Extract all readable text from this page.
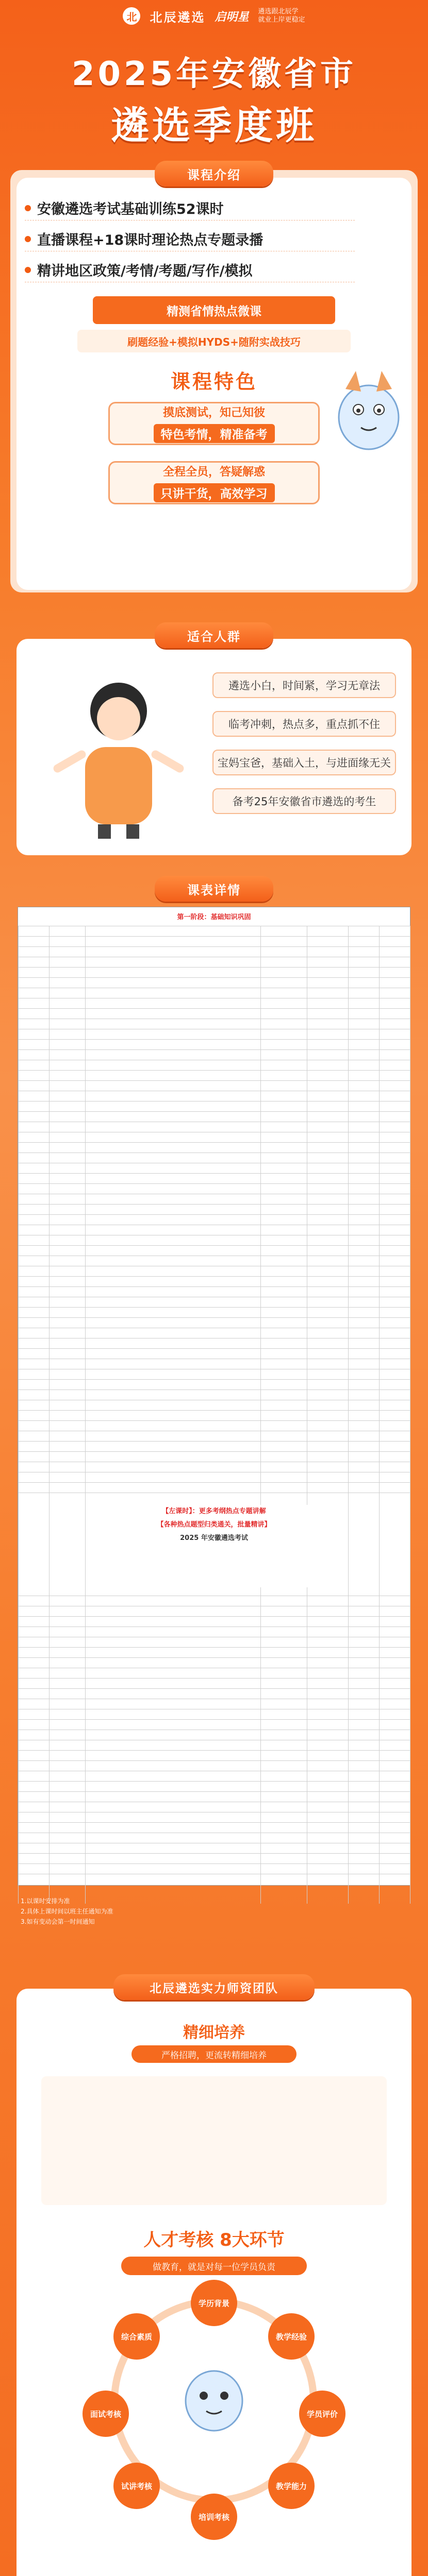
北 北辰遴选 启明星 遴选跟北辰学
就业上岸更稳定
2025年安徽省市
遴选季度班
课程介绍
安徽遴选考试基础训练52课时
直播课程+18课时理论热点专题录播
精讲地区政策/考情/考题/写作/模拟
精测省情热点微课
刷题经验+模拟HYDS+随附实战技巧
课程特色
摸底测试，知己知彼
特色考情，精准备考
全程全员，答疑解惑
只讲干货，高效学习
适合人群
遴选小白，时间紧，学习无章法
临考冲刺，热点多，重点抓不住
宝妈宝爸，基础入土，与进面缘无关
备考25年安徽省市遴选的考生
课表详情
第一阶段：基础知识巩固
【左课时】：更多考纲热点专题讲解
【各种热点题型归类通关，批量精讲】
2025 年安徽遴选考试
1.以课时安排为准
2.具体上课时间以班主任通知为准
3.如有变动会第一时间通知
北辰遴选实力师资团队
精细培养
严格招聘，更流转精细培养
人才考核 8大环节
做教育，就是对每一位学员负责
学历背景
教学经验
学员评价
教学能力
培训考核
试讲考核
面试考核
综合素质
